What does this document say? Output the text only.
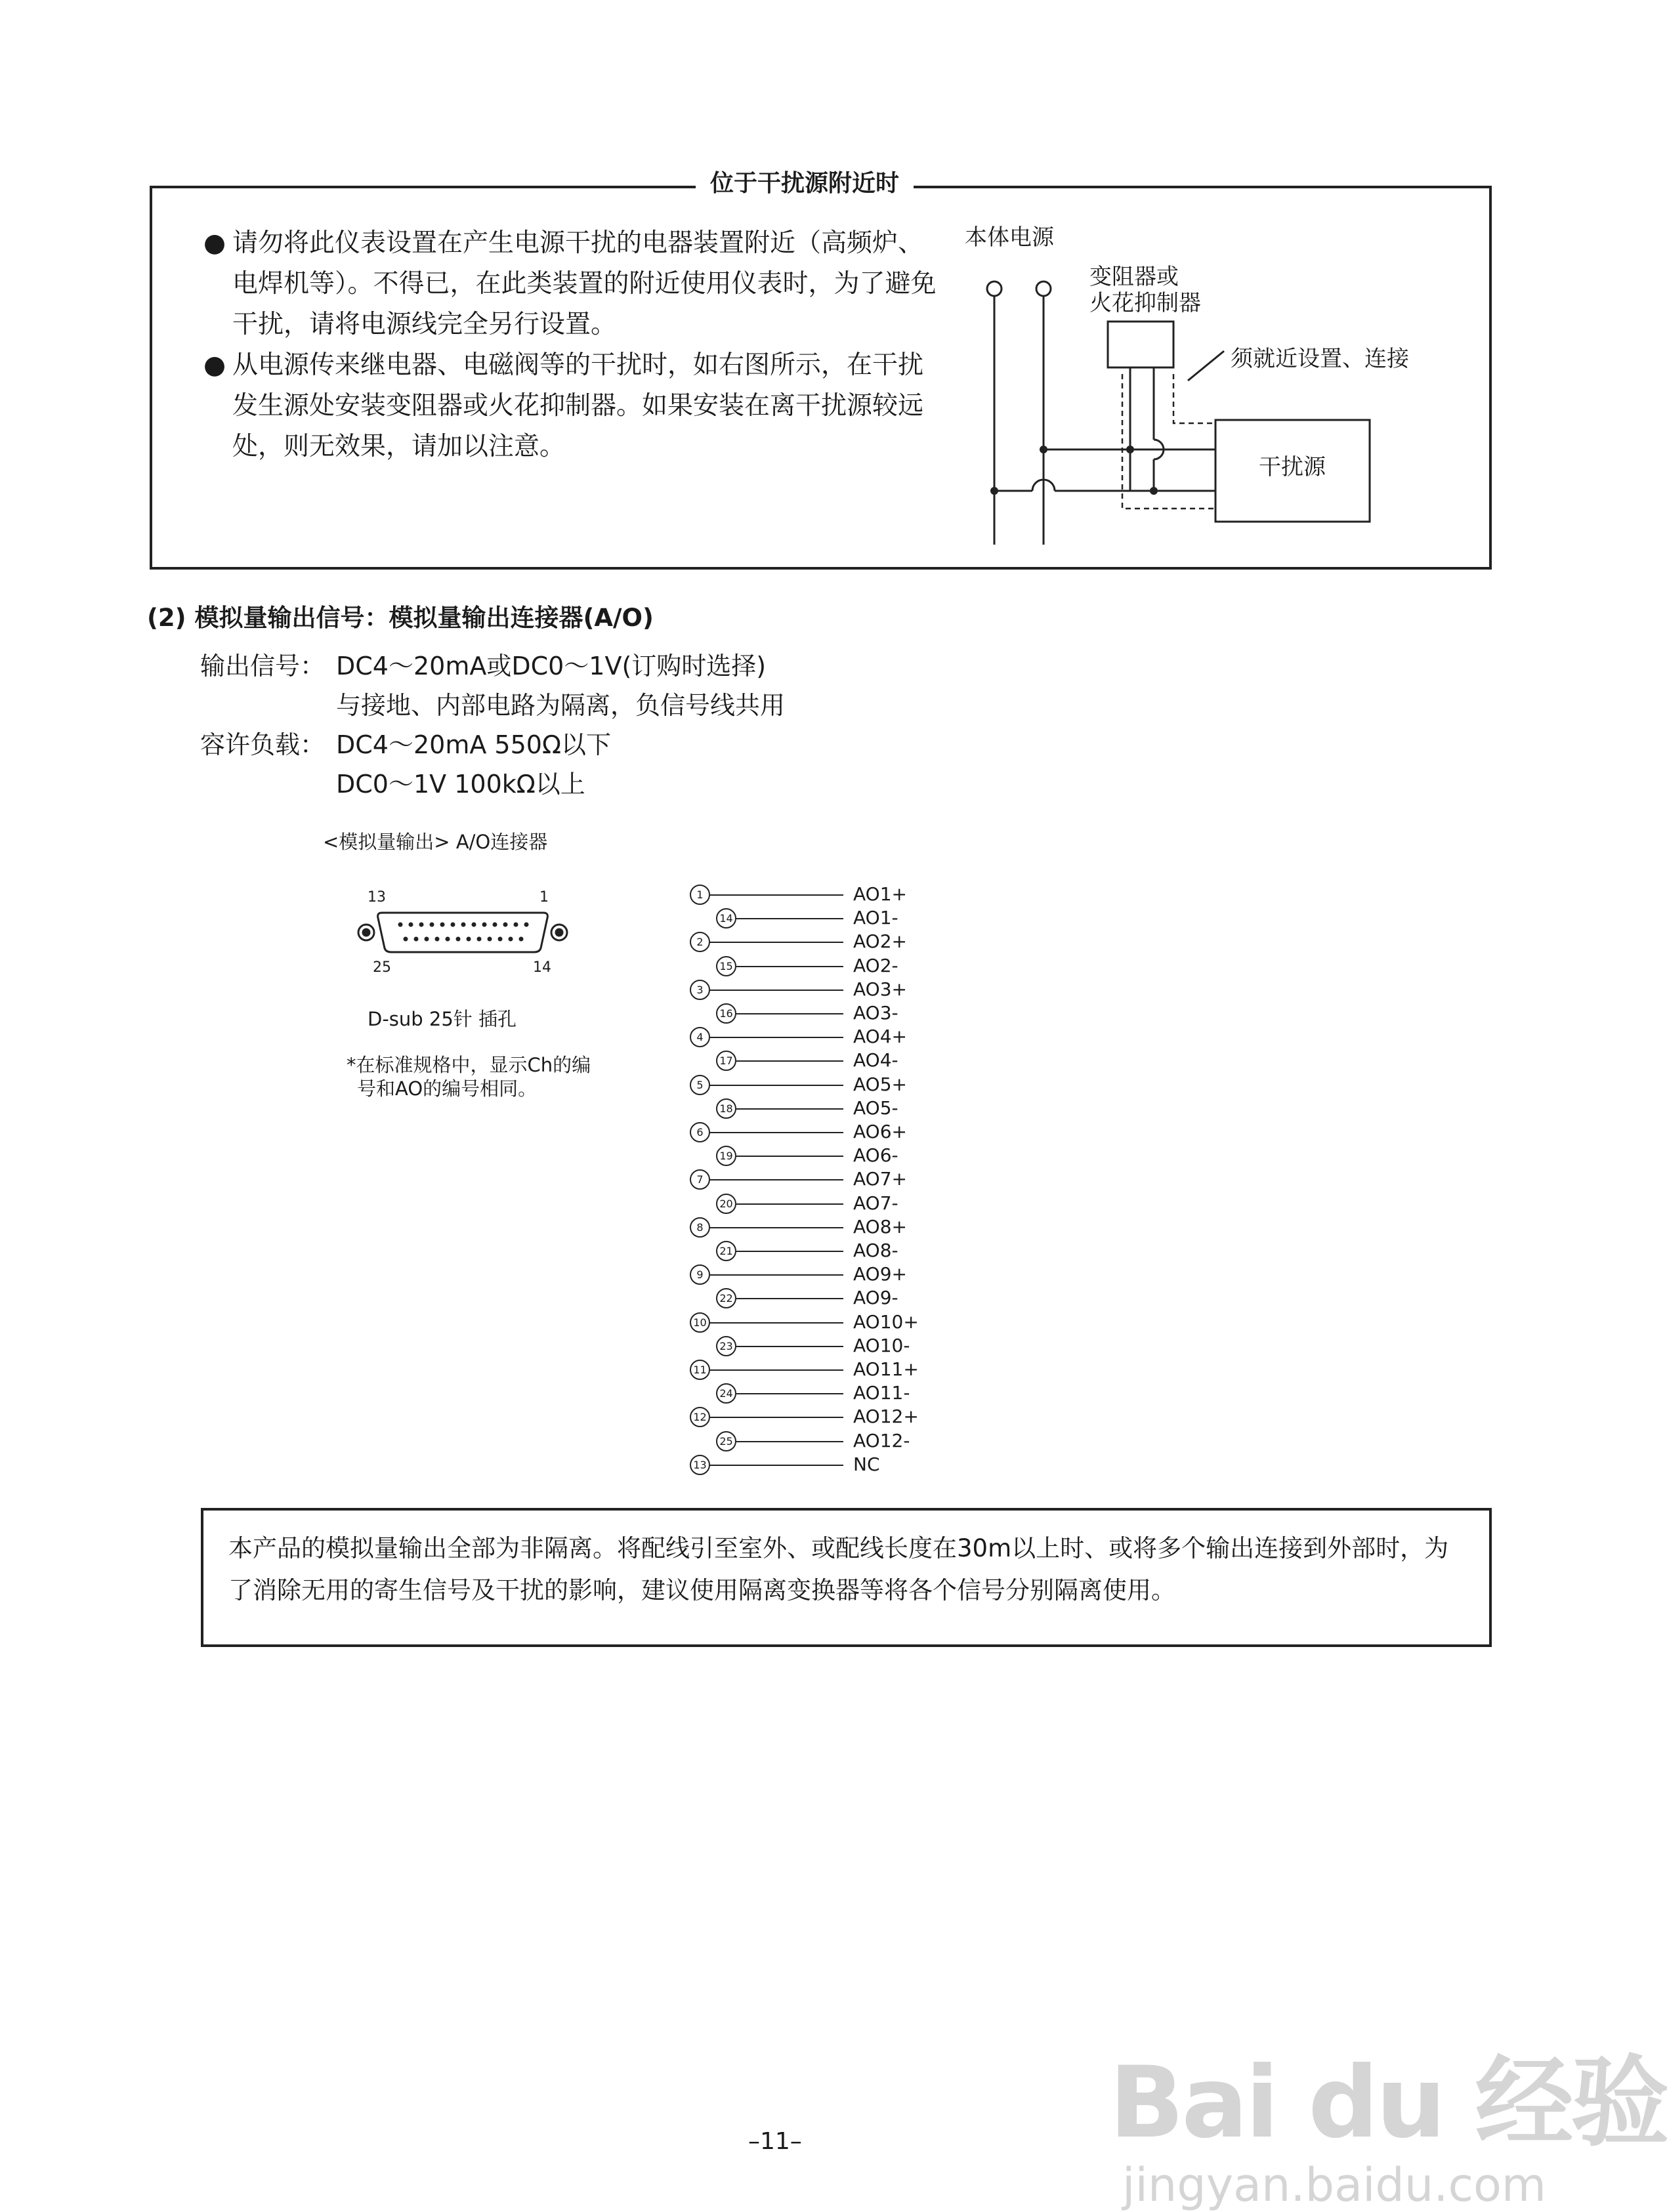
位于干扰源附近时
● 请勿将此仪表设置在产生电源干扰的电器装置附近（高频炉、电焊机等）。不得已，在此类装置的附近使用仪表时，为了避免干扰，请将电源线完全另行设置。

● 从电源传来继电器、电磁阀等的干扰时，如右图所示，在干扰发生源处安装变阻器或火花抑制器。如果安装在离干扰源较远处，则无效果，请加以注意。

本体电源
变阻器或
火花抑制器
须就近设置、连接
干扰源
(2) 模拟量输出信号：模拟量输出连接器(A/O)
输出信号： DC4～20mA或DC0～1V(订购时选择)
与接地、内部电路为隔离，负信号线共用
容许负载： DC4～20mA 550Ω以下
DC0～1V 100kΩ以上
<模拟量输出> A/O连接器
13	1
25	14
D-sub 25针 插孔
*在标准规格中，显示Ch的编
号和AO的编号相同。
1	AO1+
14	AO1-
2	AO2+
15	AO2-
3	AO3+
16	AO3-
4	AO4+
17	AO4-
5	AO5+
18	AO5-
6	AO6+
19	AO6-
7	AO7+
20	AO7-
8	AO8+
21	AO8-
9	AO9+
22	AO9-
10	AO10+
23	AO10-
11	AO11+
24	AO11-
12	AO12+
25	AO12-
13	NC
本产品的模拟量输出全部为非隔离。将配线引至室外、或配线长度在30m以上时、或将多个输出连接到外部时，为了消除无用的寄生信号及干扰的影响，建议使用隔离变换器等将各个信号分别隔离使用。
–11–	Bai du 经验
jingyan.baidu.com
